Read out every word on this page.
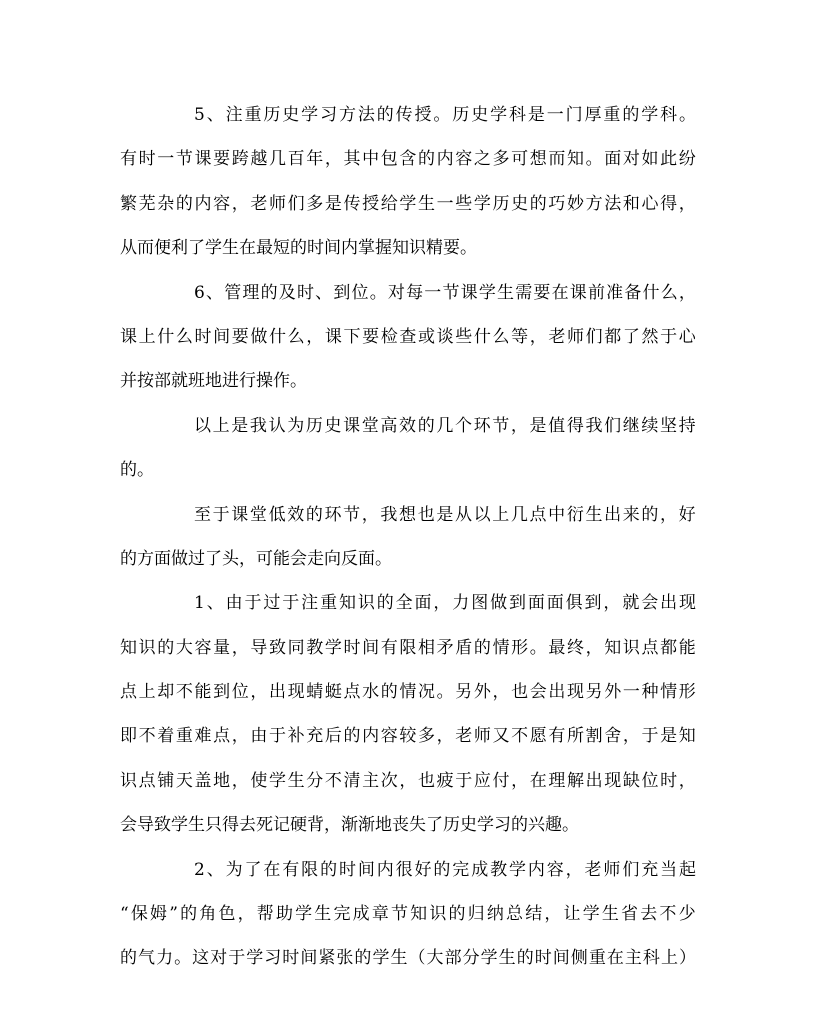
5 、 注 重 历 史 学 习 方 法 的 传 授 。 历 史 学 科 是 一 门 厚 重 的 学 科 。
有 时 一 节 课 要 跨 越 几 百 年 ， 其 中 包 含 的 内 容 之 多 可 想 而 知 。 面 对 如 此 纷
繁 芜 杂 的 内 容 ， 老 师 们 多 是 传 授 给 学 生 一 些 学 历 史 的 巧 妙 方 法 和 心 得 ，
从而便利了学生在最短的时间内掌握知识精要。
6 、 管 理 的 及 时 、 到 位 。 对 每 一 节 课 学 生 需 要 在 课 前 准 备 什 么 ，
课 上 什 么 时 间 要 做 什 么 ， 课 下 要 检 查 或 谈 些 什 么 等 ， 老 师 们 都 了 然 于 心
并按部就班地进行操作。
以 上 是 我 认 为 历 史 课 堂 高 效 的 几 个 环 节 ， 是 值 得 我 们 继 续 坚 持
的。
至 于 课 堂 低 效 的 环 节 ， 我 想 也 是 从 以 上 几 点 中 衍 生 出 来 的 ， 好
的方面做过了头，可能会走向反面。
1 、 由 于 过 于 注 重 知 识 的 全 面 ， 力 图 做 到 面 面 俱 到 ， 就 会 出 现
知 识 的 大 容 量 ， 导 致 同 教 学 时 间 有 限 相 矛 盾 的 情 形 。 最 终 ， 知 识 点 都 能
点 上 却 不 能 到 位 ， 出 现 蜻 蜓 点 水 的 情 况 。 另 外 ， 也 会 出 现 另 外 一 种 情 形
即 不 着 重 难 点 ， 由 于 补 充 后 的 内 容 较 多 ， 老 师 又 不 愿 有 所 割 舍 ， 于 是 知
识 点 铺 天 盖 地 ， 使 学 生 分 不 清 主 次 ， 也 疲 于 应 付 ， 在 理 解 出 现 缺 位 时 ，
会导致学生只得去死记硬背，渐渐地丧失了历史学习的兴趣。
2 、 为 了 在 有 限 的 时 间 内 很 好 的 完 成 教 学 内 容 ， 老 师 们 充 当 起
“ 保 姆 ” 的 角 色 ， 帮 助 学 生 完 成 章 节 知 识 的 归 纳 总 结 ， 让 学 生 省 去 不 少
的 气 力 。 这 对 于 学 习 时 间 紧 张 的 学 生 （ 大 部 分 学 生 的 时 间 侧 重 在 主 科 上 ）
